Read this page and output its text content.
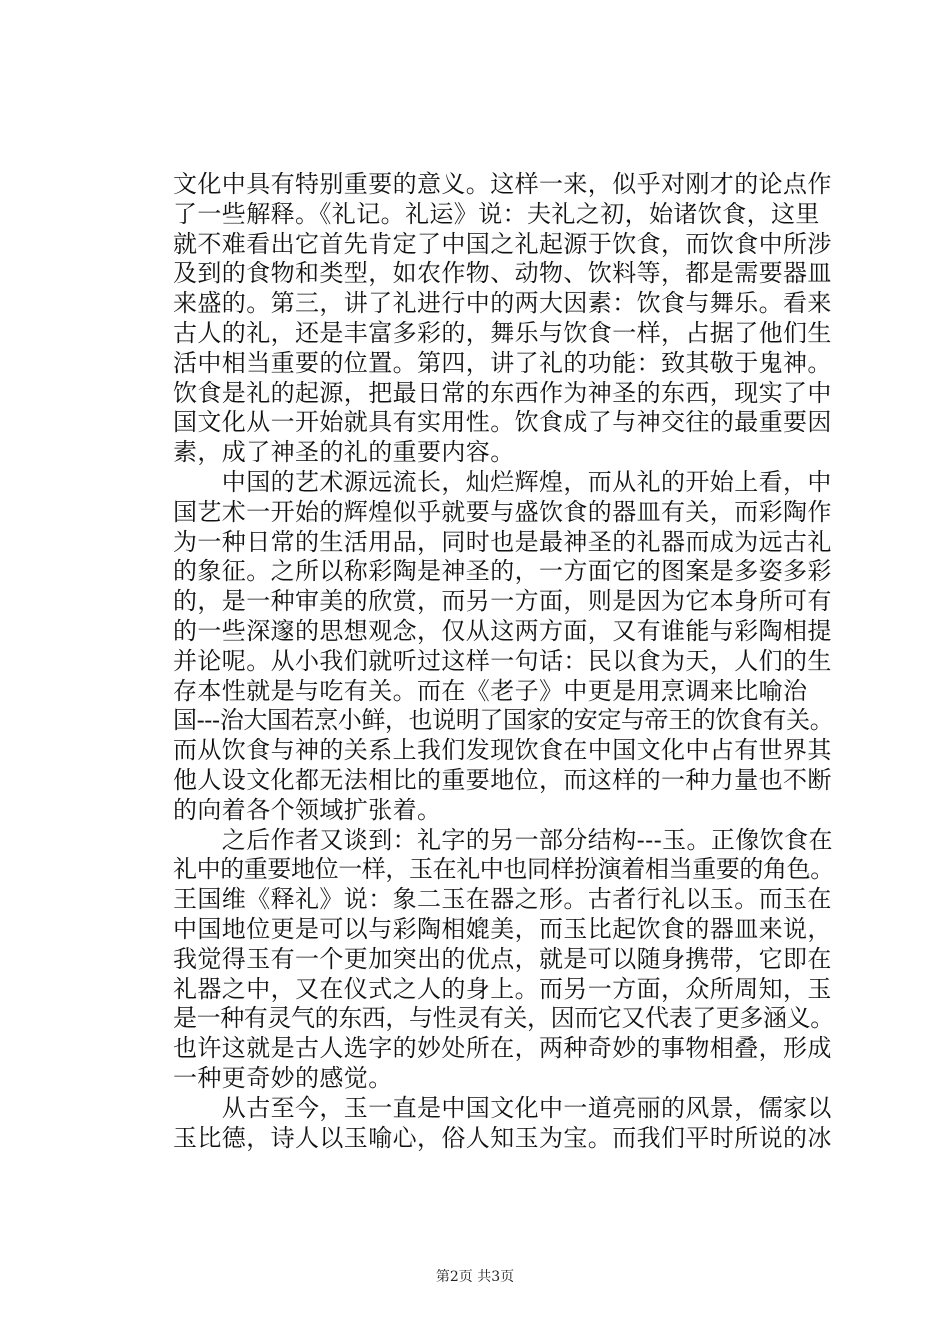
文化中具有特别重要的意义。这样一来，似乎对刚才的论点作
了一些解释。《礼记。礼运》说：夫礼之初，始诸饮食，这里
就不难看出它首先肯定了中国之礼起源于饮食，而饮食中所涉
及到的食物和类型，如农作物、动物、饮料等，都是需要器皿
来盛的。第三，讲了礼进行中的两大因素：饮食与舞乐。看来
古人的礼，还是丰富多彩的，舞乐与饮食一样，占据了他们生
活中相当重要的位置。第四，讲了礼的功能：致其敬于鬼神。
饮食是礼的起源，把最日常的东西作为神圣的东西，现实了中
国文化从一开始就具有实用性。饮食成了与神交往的最重要因
素，成了神圣的礼的重要内容。
　　中国的艺术源远流长，灿烂辉煌，而从礼的开始上看，中
国艺术一开始的辉煌似乎就要与盛饮食的器皿有关，而彩陶作
为一种日常的生活用品，同时也是最神圣的礼器而成为远古礼
的象征。之所以称彩陶是神圣的，一方面它的图案是多姿多彩
的，是一种审美的欣赏，而另一方面，则是因为它本身所可有
的一些深邃的思想观念，仅从这两方面，又有谁能与彩陶相提
并论呢。从小我们就听过这样一句话：民以食为天，人们的生
存本性就是与吃有关。而在《老子》中更是用烹调来比喻治
国---治大国若烹小鲜，也说明了国家的安定与帝王的饮食有关。
而从饮食与神的关系上我们发现饮食在中国文化中占有世界其
他人设文化都无法相比的重要地位，而这样的一种力量也不断
的向着各个领域扩张着。
　　之后作者又谈到：礼字的另一部分结构---玉。正像饮食在
礼中的重要地位一样，玉在礼中也同样扮演着相当重要的角色。
王国维《释礼》说：象二玉在器之形。古者行礼以玉。而玉在
中国地位更是可以与彩陶相媲美，而玉比起饮食的器皿来说，
我觉得玉有一个更加突出的优点，就是可以随身携带，它即在
礼器之中，又在仪式之人的身上。而另一方面，众所周知，玉
是一种有灵气的东西，与性灵有关，因而它又代表了更多涵义。
也许这就是古人选字的妙处所在，两种奇妙的事物相叠，形成
一种更奇妙的感觉。
　　从古至今，玉一直是中国文化中一道亮丽的风景，儒家以
玉比德，诗人以玉喻心，俗人知玉为宝。而我们平时所说的冰
第2页 共3页
